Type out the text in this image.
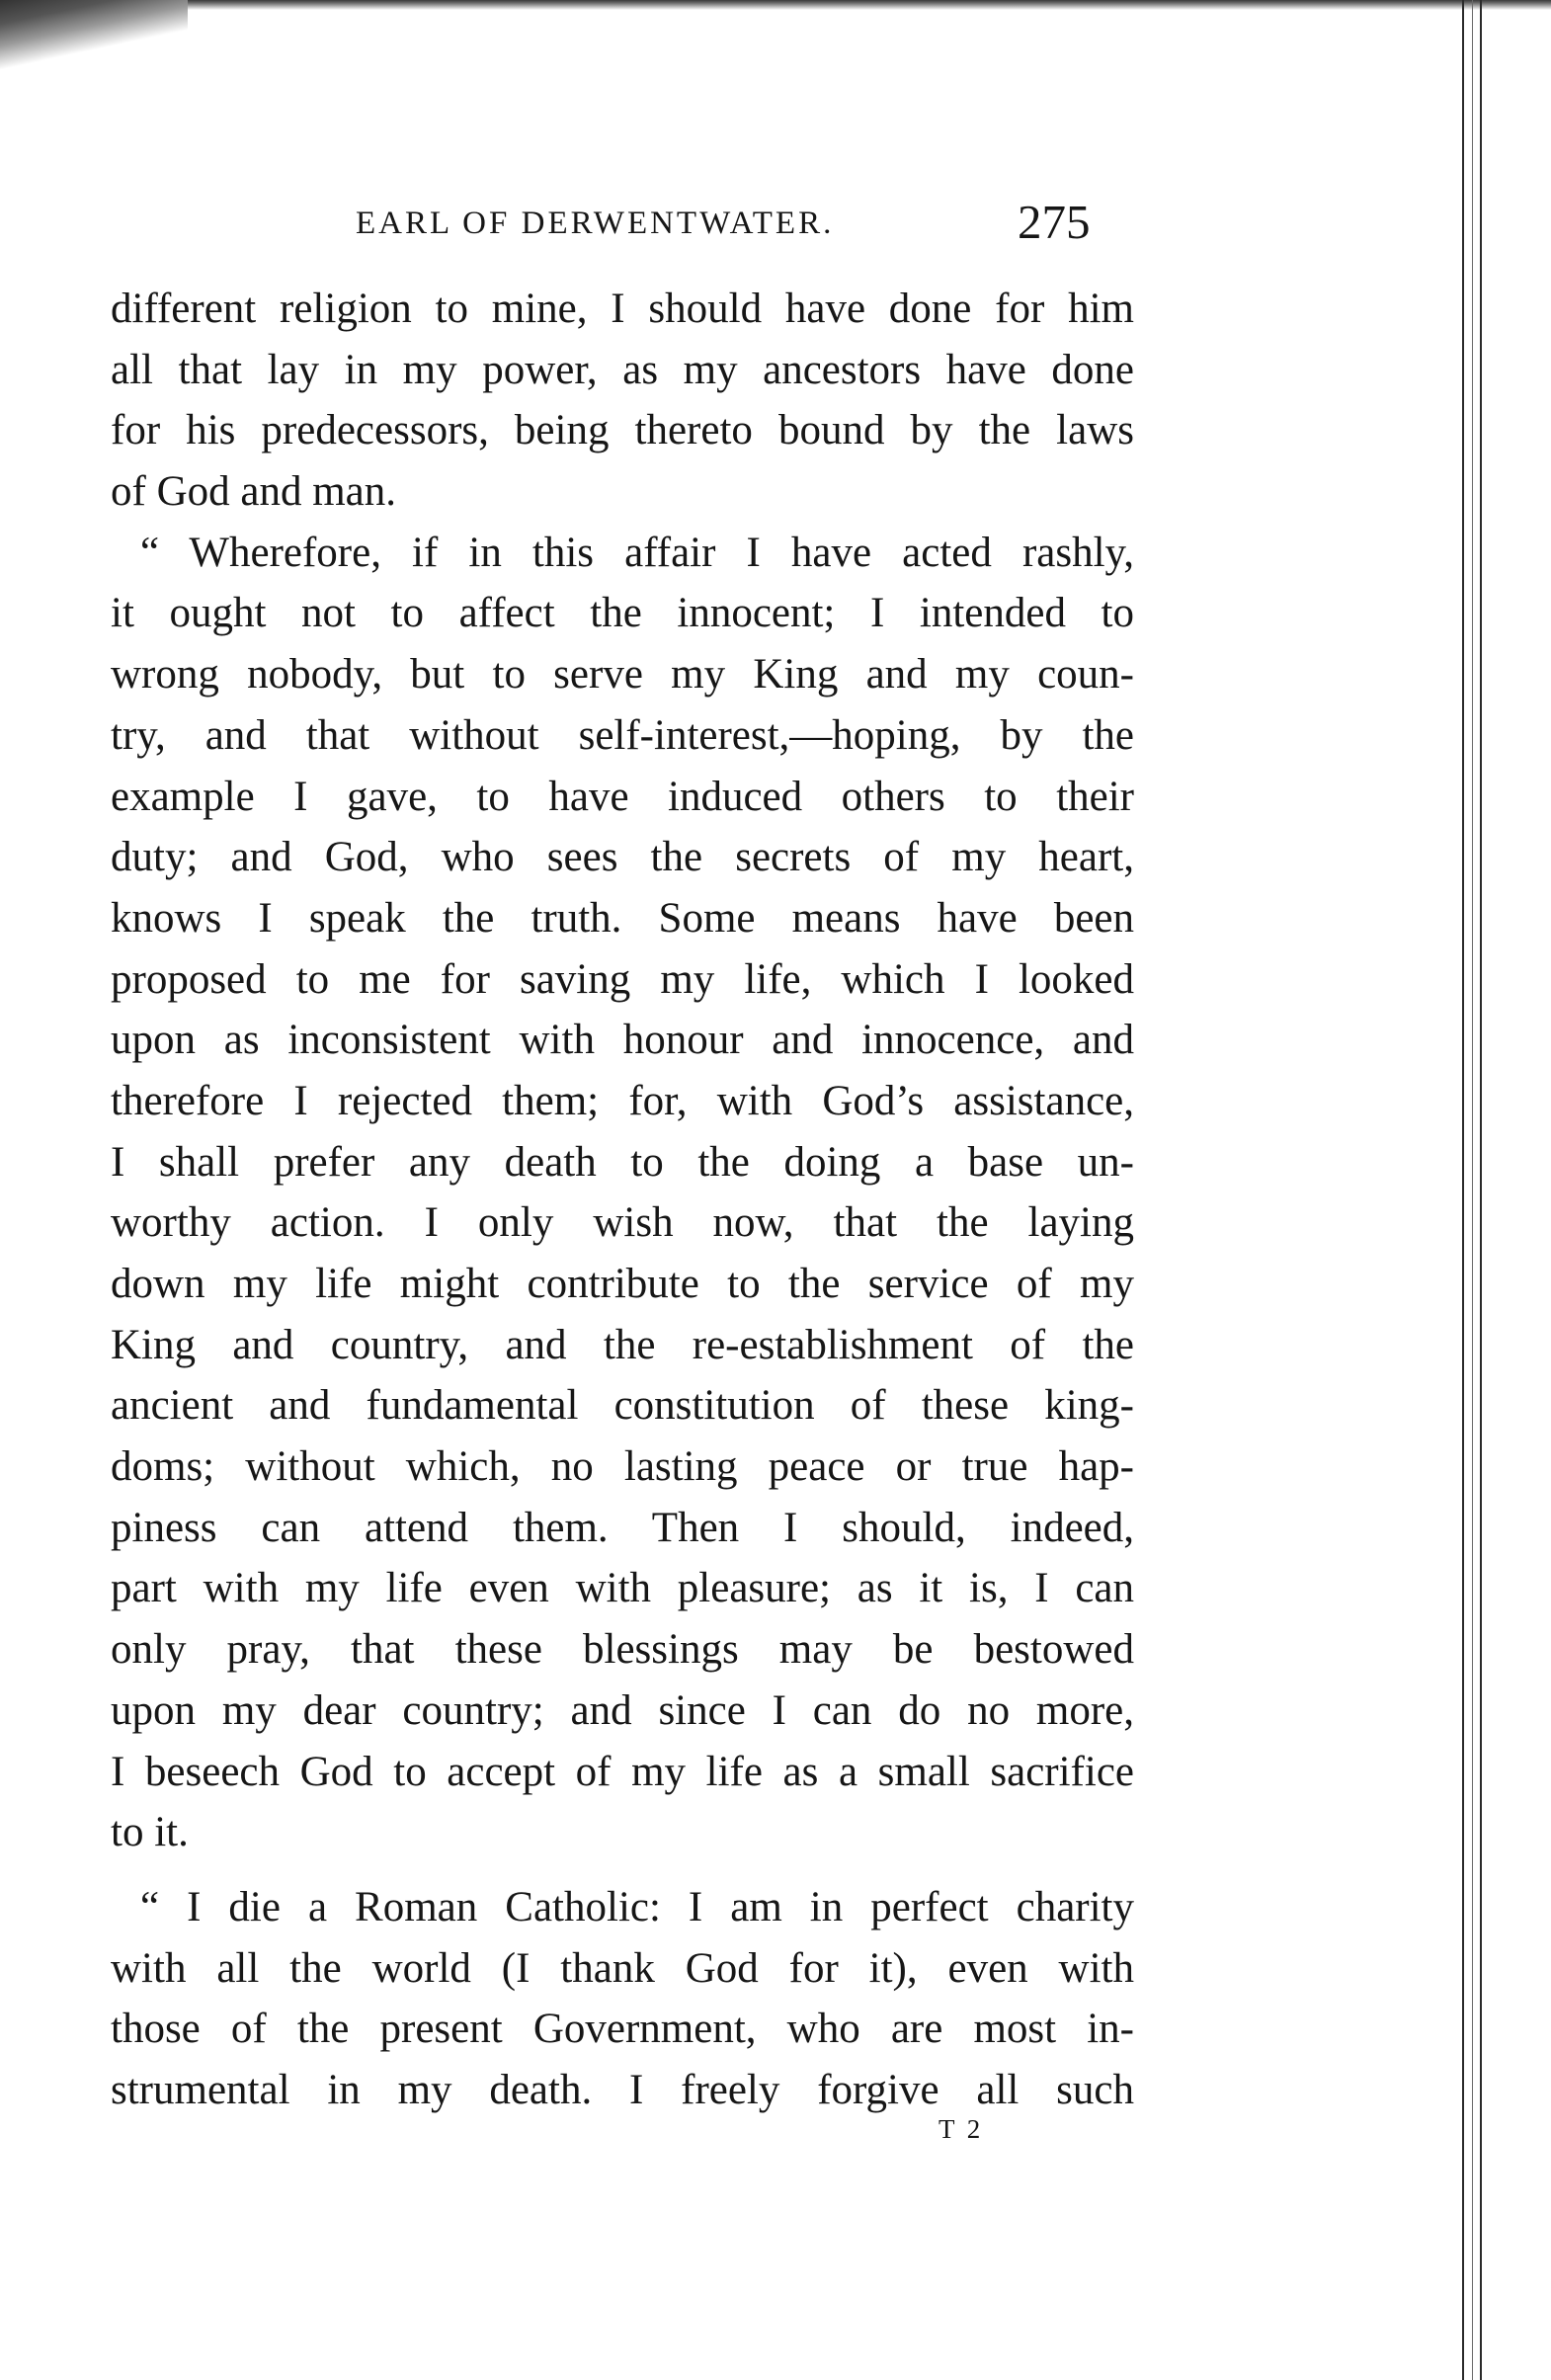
EARL OF DERWENTWATER.	275
different religion to mine, I should have done for him
all that lay in my power, as my ancestors have done
for his predecessors, being thereto bound by the laws
of God and man.
“ Wherefore, if in this affair I have acted rashly,
it ought not to affect the innocent; I intended to
wrong nobody, but to serve my King and my coun-
try, and that without self-interest,—hoping, by the
example I gave, to have induced others to their
duty; and God, who sees the secrets of my heart,
knows I speak the truth. Some means have been
proposed to me for saving my life, which I looked
upon as inconsistent with honour and innocence, and
therefore I rejected them; for, with God’s assistance,
I shall prefer any death to the doing a base un-
worthy action. I only wish now, that the laying
down my life might contribute to the service of my
King and country, and the re-establishment of the
ancient and fundamental constitution of these king-
doms; without which, no lasting peace or true hap-
piness can attend them. Then I should, indeed,
part with my life even with pleasure; as it is, I can
only pray, that these blessings may be bestowed
upon my dear country; and since I can do no more,
I beseech God to accept of my life as a small sacrifice
to it.
“ I die a Roman Catholic: I am in perfect charity
with all the world (I thank God for it), even with
those of the present Government, who are most in-
strumental in my death. I freely forgive all such
T 2
